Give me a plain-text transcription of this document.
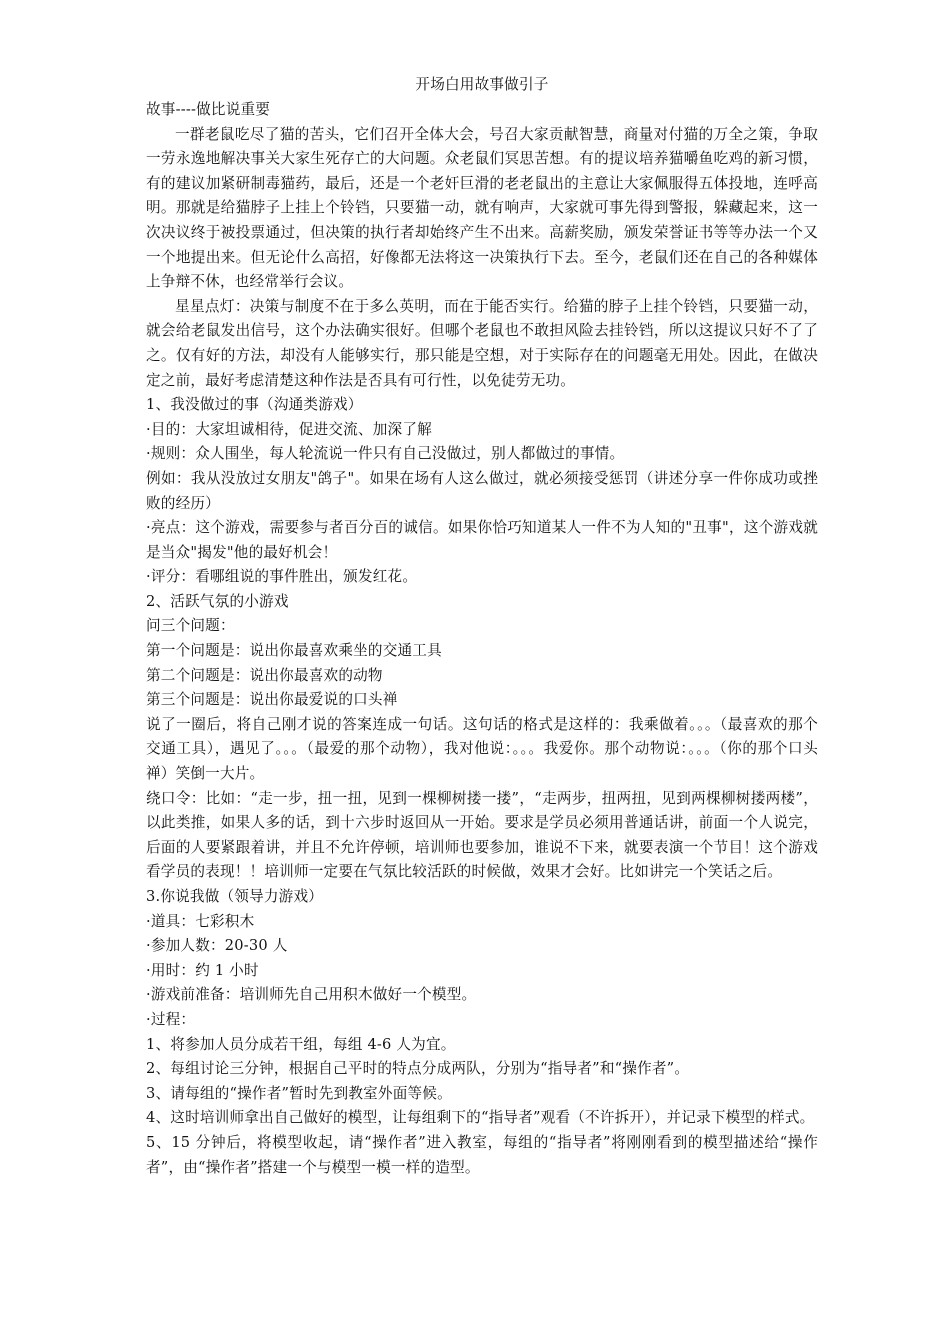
开场白用故事做引子

故事----做比说重要

一群老鼠吃尽了猫的苦头，它们召开全体大会，号召大家贡献智慧，商量对付猫的万全之策，争取一劳永逸地解决事关大家生死存亡的大问题。众老鼠们冥思苦想。有的提议培养猫嚼鱼吃鸡的新习惯，有的建议加紧研制毒猫药，最后，还是一个老奸巨滑的老老鼠出的主意让大家佩服得五体投地，连呼高明。那就是给猫脖子上挂上个铃铛，只要猫一动，就有响声，大家就可事先得到警报，躲藏起来，这一次决议终于被投票通过，但决策的执行者却始终产生不出来。高薪奖励，颁发荣誉证书等等办法一个又一个地提出来。但无论什么高招，好像都无法将这一决策执行下去。至今，老鼠们还在自己的各种媒体上争辩不休，也经常举行会议。

星星点灯：决策与制度不在于多么英明，而在于能否实行。给猫的脖子上挂个铃铛，只要猫一动，就会给老鼠发出信号，这个办法确实很好。但哪个老鼠也不敢担风险去挂铃铛，所以这提议只好不了了之。仅有好的方法，却没有人能够实行，那只能是空想，对于实际存在的问题毫无用处。因此，在做决定之前，最好考虑清楚这种作法是否具有可行性，以免徒劳无功。

1、我没做过的事（沟通类游戏）

·目的：大家坦诚相待，促进交流、加深了解

·规则：众人围坐，每人轮流说一件只有自己没做过，别人都做过的事情。

例如：我从没放过女朋友"鸽子"。如果在场有人这么做过，就必须接受惩罚（讲述分享一件你成功或挫败的经历）

·亮点：这个游戏，需要参与者百分百的诚信。如果你恰巧知道某人一件不为人知的"丑事"，这个游戏就是当众"揭发"他的最好机会！

·评分：看哪组说的事件胜出，颁发红花。

2、活跃气氛的小游戏

问三个问题：

第一个问题是：说出你最喜欢乘坐的交通工具

第二个问题是：说出你最喜欢的动物

第三个问题是：说出你最爱说的口头禅

说了一圈后，将自己刚才说的答案连成一句话。这句话的格式是这样的：我乘做着。。。（最喜欢的那个交通工具），遇见了。。。（最爱的那个动物），我对他说：。。。我爱你。那个动物说：。。。（你的那个口头禅）笑倒一大片。

绕口令：比如：“走一步，扭一扭，见到一棵柳树搂一搂”，“走两步，扭两扭，见到两棵柳树搂两楼”，以此类推，如果人多的话，到十六步时返回从一开始。要求是学员必须用普通话讲，前面一个人说完，后面的人要紧跟着讲，并且不允许停顿，培训师也要参加，谁说不下来，就要表演一个节目！这个游戏看学员的表现！！培训师一定要在气氛比较活跃的时候做，效果才会好。比如讲完一个笑话之后。

3.你说我做（领导力游戏）

·道具：七彩积木

·参加人数：20-30 人

·用时：约 1 小时

·游戏前准备：培训师先自己用积木做好一个模型。

·过程：

1、将参加人员分成若干组，每组 4-6 人为宜。

2、每组讨论三分钟，根据自己平时的特点分成两队，分别为“指导者”和“操作者”。

3、请每组的“操作者”暂时先到教室外面等候。

4、这时培训师拿出自己做好的模型，让每组剩下的“指导者”观看（不许拆开），并记录下模型的样式。

5、15 分钟后，将模型收起，请“操作者”进入教室，每组的“指导者”将刚刚看到的模型描述给“操作者”，由“操作者”搭建一个与模型一模一样的造型。
